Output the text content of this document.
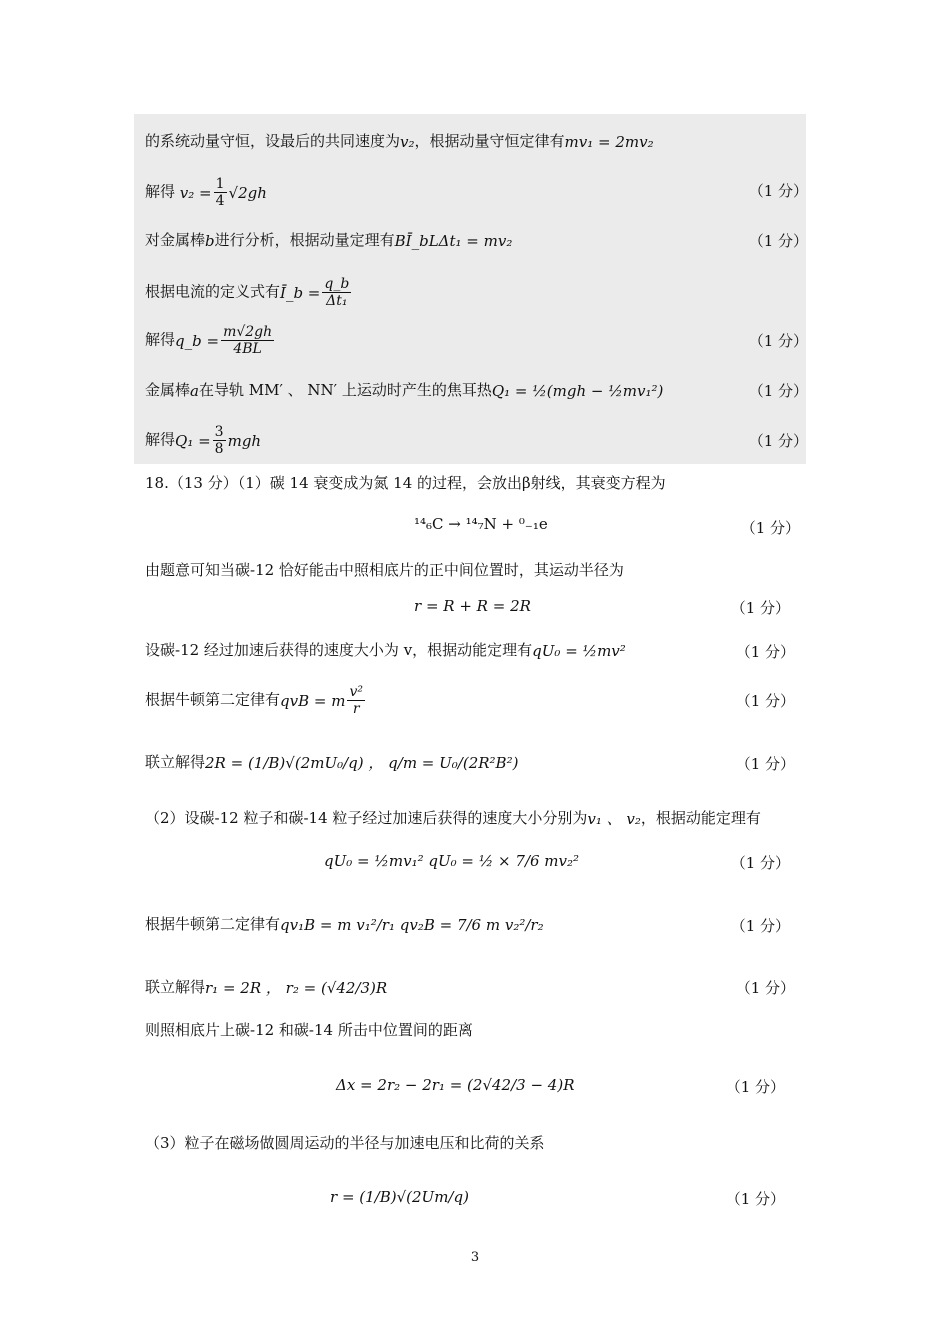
的系统动量守恒，设最后的共同速度为v₂，根据动量守恒定律有mv₁ = 2mv₂
解得 $v_2 = \frac{1}{4} √2gh$	（1 分）
对金属棒b进行分析，根据动量定理有BĪ_bLΔt₁ = mv₂	（1 分）
根据电流的定义式有Ī_b = $\frac{q\_b}{\text{Δt₁}}$
解得q_b = $\frac{m√2gh}{4BL}$	（1 分）
金属棒a在导轨 MM′ 、 NN′ 上运动时产生的焦耳热Q₁ = ½(mgh − ½mv₁²)	（1 分）
解得$Q_1 = \frac{3}{8}$ mgh	（1 分）
18.（13 分）（1）碳 14 衰变成为氮 14 的过程，会放出β射线，其衰变方程为
¹⁴₆C → ¹⁴₇N + ⁰₋₁e	（1 分）
由题意可知当碳-12 恰好能击中照相底片的正中间位置时，其运动半径为
r = R + R = 2R	（1 分）
设碳-12 经过加速后获得的速度大小为 v，根据动能定理有qU₀ = ½mv²	（1 分）
根据牛顿第二定律有qvB = m $\frac{\text{v²}}{r}$	（1 分）
联立解得2R = (1/B)√(2mU₀/q) ， q/m = U₀/(2R²B²)	（1 分）
（2）设碳-12 粒子和碳-14 粒子经过加速后获得的速度大小分别为v₁ 、 v₂，根据动能定理有
qU₀ = ½mv₁² qU₀ = ½ × 7/6 mv₂²	（1 分）
根据牛顿第二定律有qv₁B = m v₁²/r₁ qv₂B = 7/6 m v₂²/r₂	（1 分）
联立解得r₁ = 2R ， r₂ = (√42/3)R	（1 分）
则照相底片上碳-12 和碳-14 所击中位置间的距离
Δx = 2r₂ − 2r₁ = (2√42/3 − 4)R	（1 分）
（3）粒子在磁场做圆周运动的半径与加速电压和比荷的关系
r = (1/B)√(2Um/q)	（1 分）
3
